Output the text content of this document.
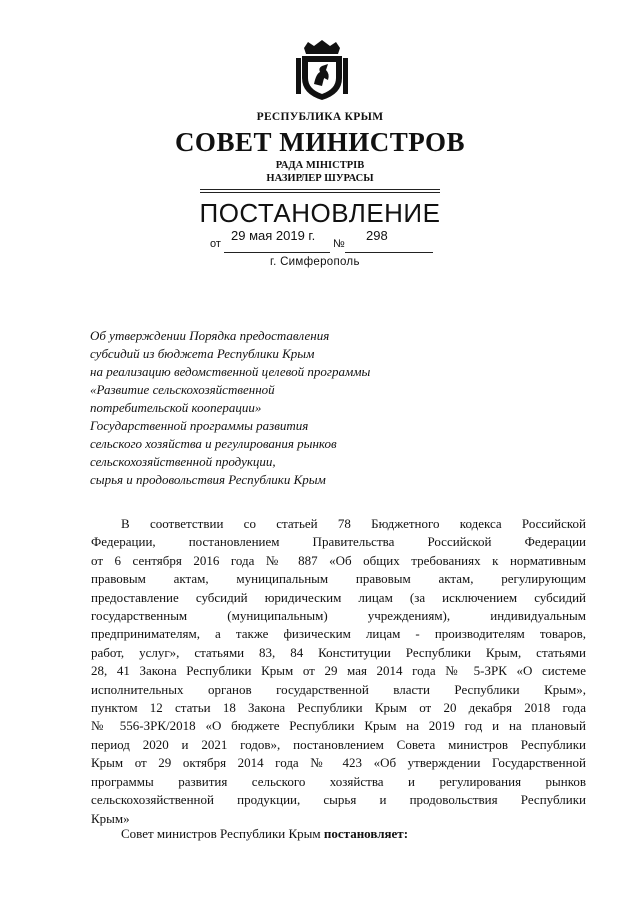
РЕСПУБЛИКА КРЫМ
СОВЕТ МИНИСТРОВ
РАДА МІНІСТРІВ
НАЗИРЛЕР ШУРАСЫ
ПОСТАНОВЛЕНИЕ
от
29 мая 2019 г.
№
298
г. Симферополь
Об утверждении Порядка предоставления
субсидий из бюджета Республики Крым
на реализацию ведомственной целевой программы
«Развитие сельскохозяйственной
потребительской кооперации»
Государственной программы развития
сельского хозяйства и регулирования рынков
сельскохозяйственной продукции,
сырья и продовольствия Республики Крым
В соответствии со статьей 78 Бюджетного кодекса Российской
Федерации, постановлением Правительства Российской Федерации
от 6 сентября 2016 года № 887 «Об общих требованиях к нормативным
правовым актам, муниципальным правовым актам, регулирующим
предоставление субсидий юридическим лицам (за исключением субсидий
государственным (муниципальным) учреждениям), индивидуальным
предпринимателям, а также физическим лицам - производителям товаров,
работ, услуг», статьями 83, 84 Конституции Республики Крым, статьями
28, 41 Закона Республики Крым от 29 мая 2014 года № 5-ЗРК «О системе
исполнительных органов государственной власти Республики Крым»,
пунктом 12 статьи 18 Закона Республики Крым от 20 декабря 2018 года
№ 556-ЗРК/2018 «О бюджете Республики Крым на 2019 год и на плановый
период 2020 и 2021 годов», постановлением Совета министров Республики
Крым от 29 октября 2014 года № 423 «Об утверждении Государственной
программы развития сельского хозяйства и регулирования рынков
сельскохозяйственной продукции, сырья и продовольствия Республики
Крым»
Совет министров Республики Крым постановляет:
